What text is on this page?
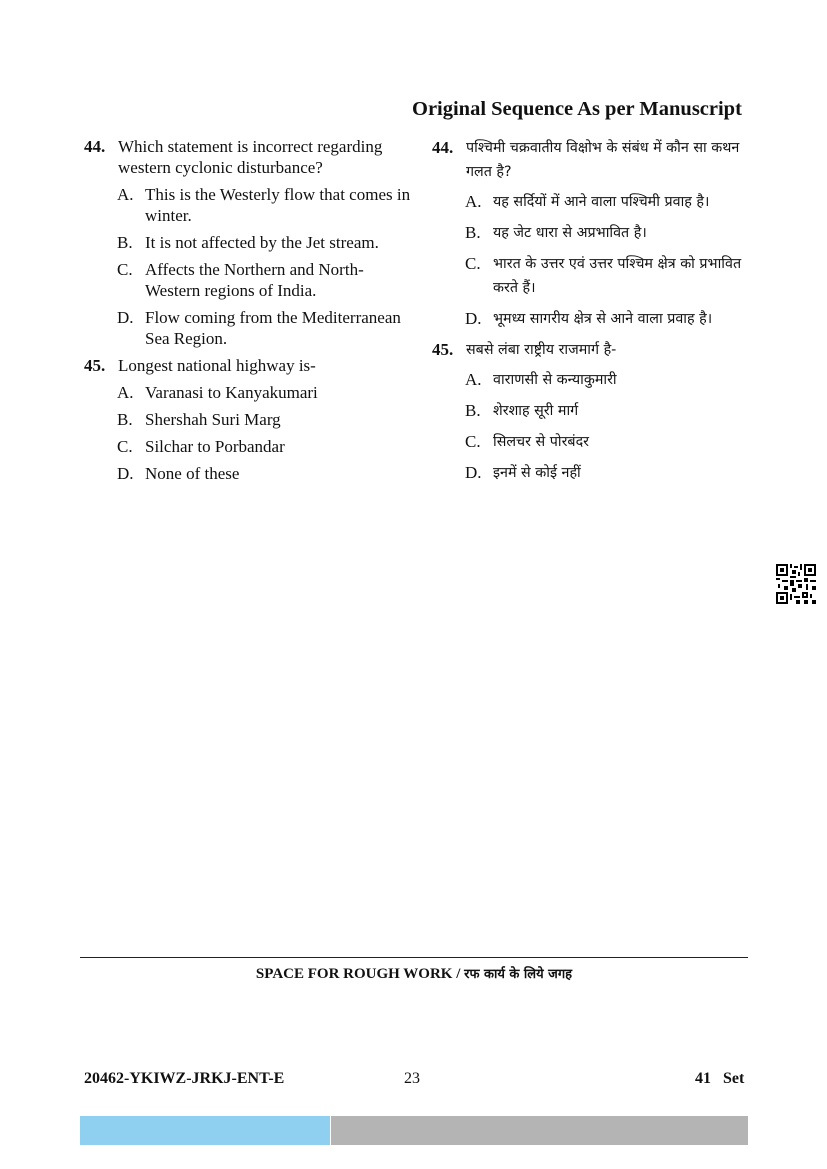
Original Sequence As per Manuscript
44. Which statement is incorrect regarding western cyclonic disturbance?
A. This is the Westerly flow that comes in winter.
B. It is not affected by the Jet stream.
C. Affects the Northern and North-Western regions of India.
D. Flow coming from the Mediterranean Sea Region.
45. Longest national highway is-
A. Varanasi to Kanyakumari
B. Shershah Suri Marg
C. Silchar to Porbandar
D. None of these
44. पश्चिमी चक्रवातीय विक्षोभ के संबंध में कौन सा कथन गलत है?
A. यह सर्दियों में आने वाला पश्चिमी प्रवाह है।
B. यह जेट धारा से अप्रभावित है।
C. भारत के उत्तर एवं उत्तर पश्चिम क्षेत्र को प्रभावित करते हैं।
D. भूमध्य सागरीय क्षेत्र से आने वाला प्रवाह है।
45. सबसे लंबा राष्ट्रीय राजमार्ग है-
A. वाराणसी से कन्याकुमारी
B. शेरशाह सूरी मार्ग
C. सिलचर से पोरबंदर
D. इनमें से कोई नहीं
SPACE FOR ROUGH WORK / रफ कार्य के लिये जगह
20462-YKIWZ-JRKJ-ENT-E	23	41   Set
